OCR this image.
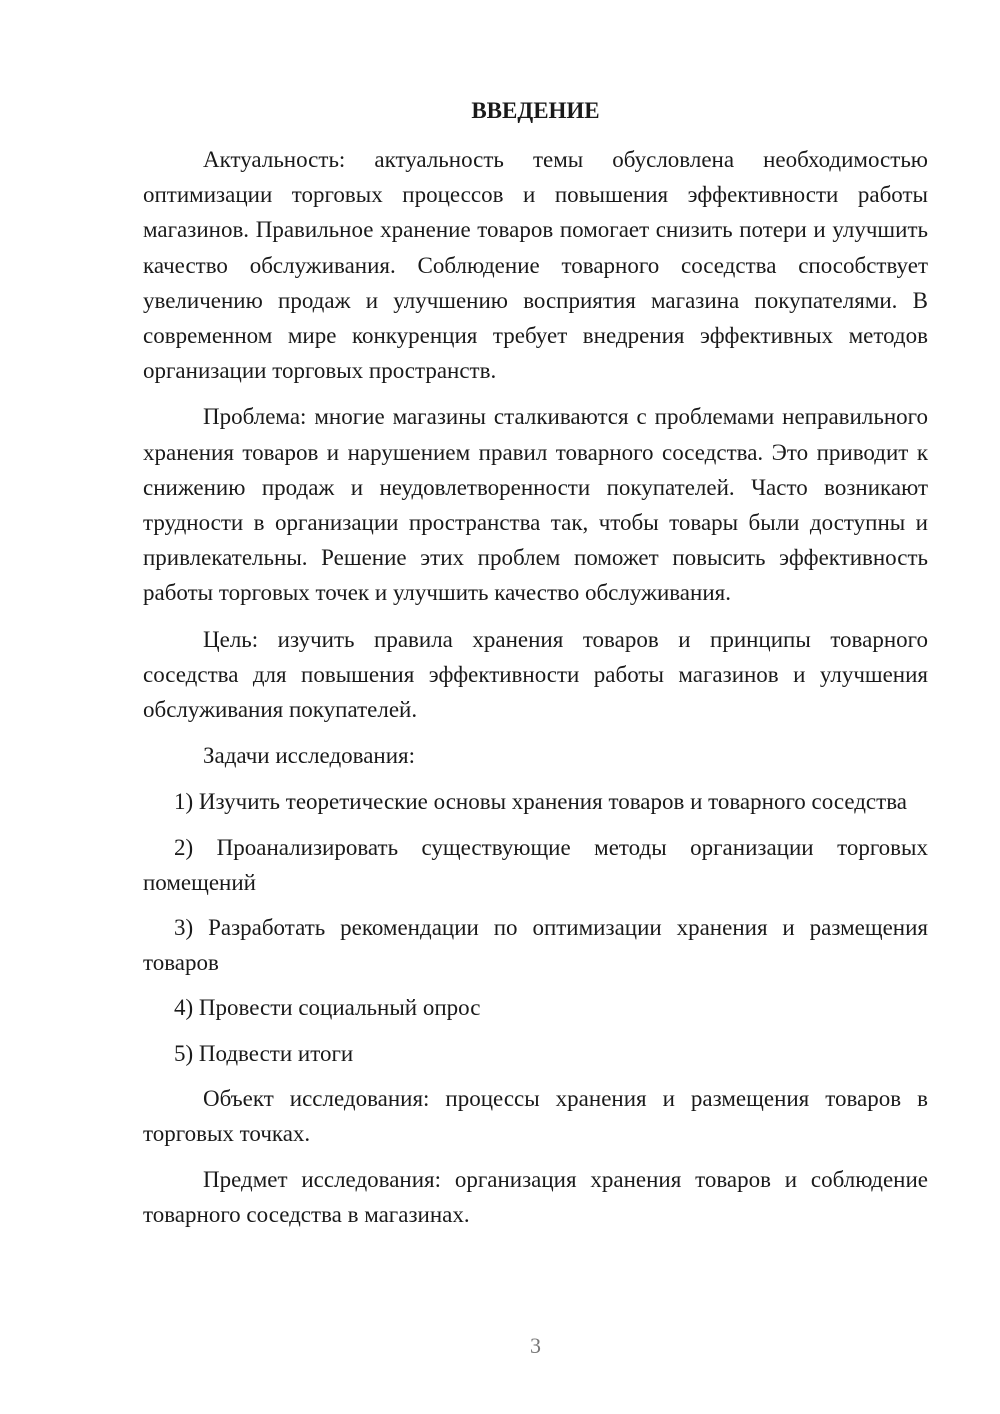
ВВЕДЕНИЕ

Актуальность: актуальность темы обусловлена необходимостью оптимизации торговых процессов и повышения эффективности работы магазинов. Правильное хранение товаров помогает снизить потери и улучшить качество обслуживания. Соблюдение товарного соседства способствует увеличению продаж и улучшению восприятия магазина покупателями. В современном мире конкуренция требует внедрения эффективных методов организации торговых пространств.

Проблема: многие магазины сталкиваются с проблемами неправильного хранения товаров и нарушением правил товарного соседства. Это приводит к снижению продаж и неудовлетворенности покупателей. Часто возникают трудности в организации пространства так, чтобы товары были доступны и привлекательны. Решение этих проблем поможет повысить эффективность работы торговых точек и улучшить качество обслуживания.

Цель: изучить правила хранения товаров и принципы товарного соседства для повышения эффективности работы магазинов и улучшения обслуживания покупателей.

Задачи исследования:

1) Изучить теоретические основы хранения товаров и товарного соседства

2) Проанализировать существующие методы организации торговых помещений

3) Разработать рекомендации по оптимизации хранения и размещения товаров

4) Провести социальный опрос

5) Подвести итоги

Объект исследования: процессы хранения и размещения товаров в торговых точках.

Предмет исследования: организация хранения товаров и соблюдение товарного соседства в магазинах.

3
